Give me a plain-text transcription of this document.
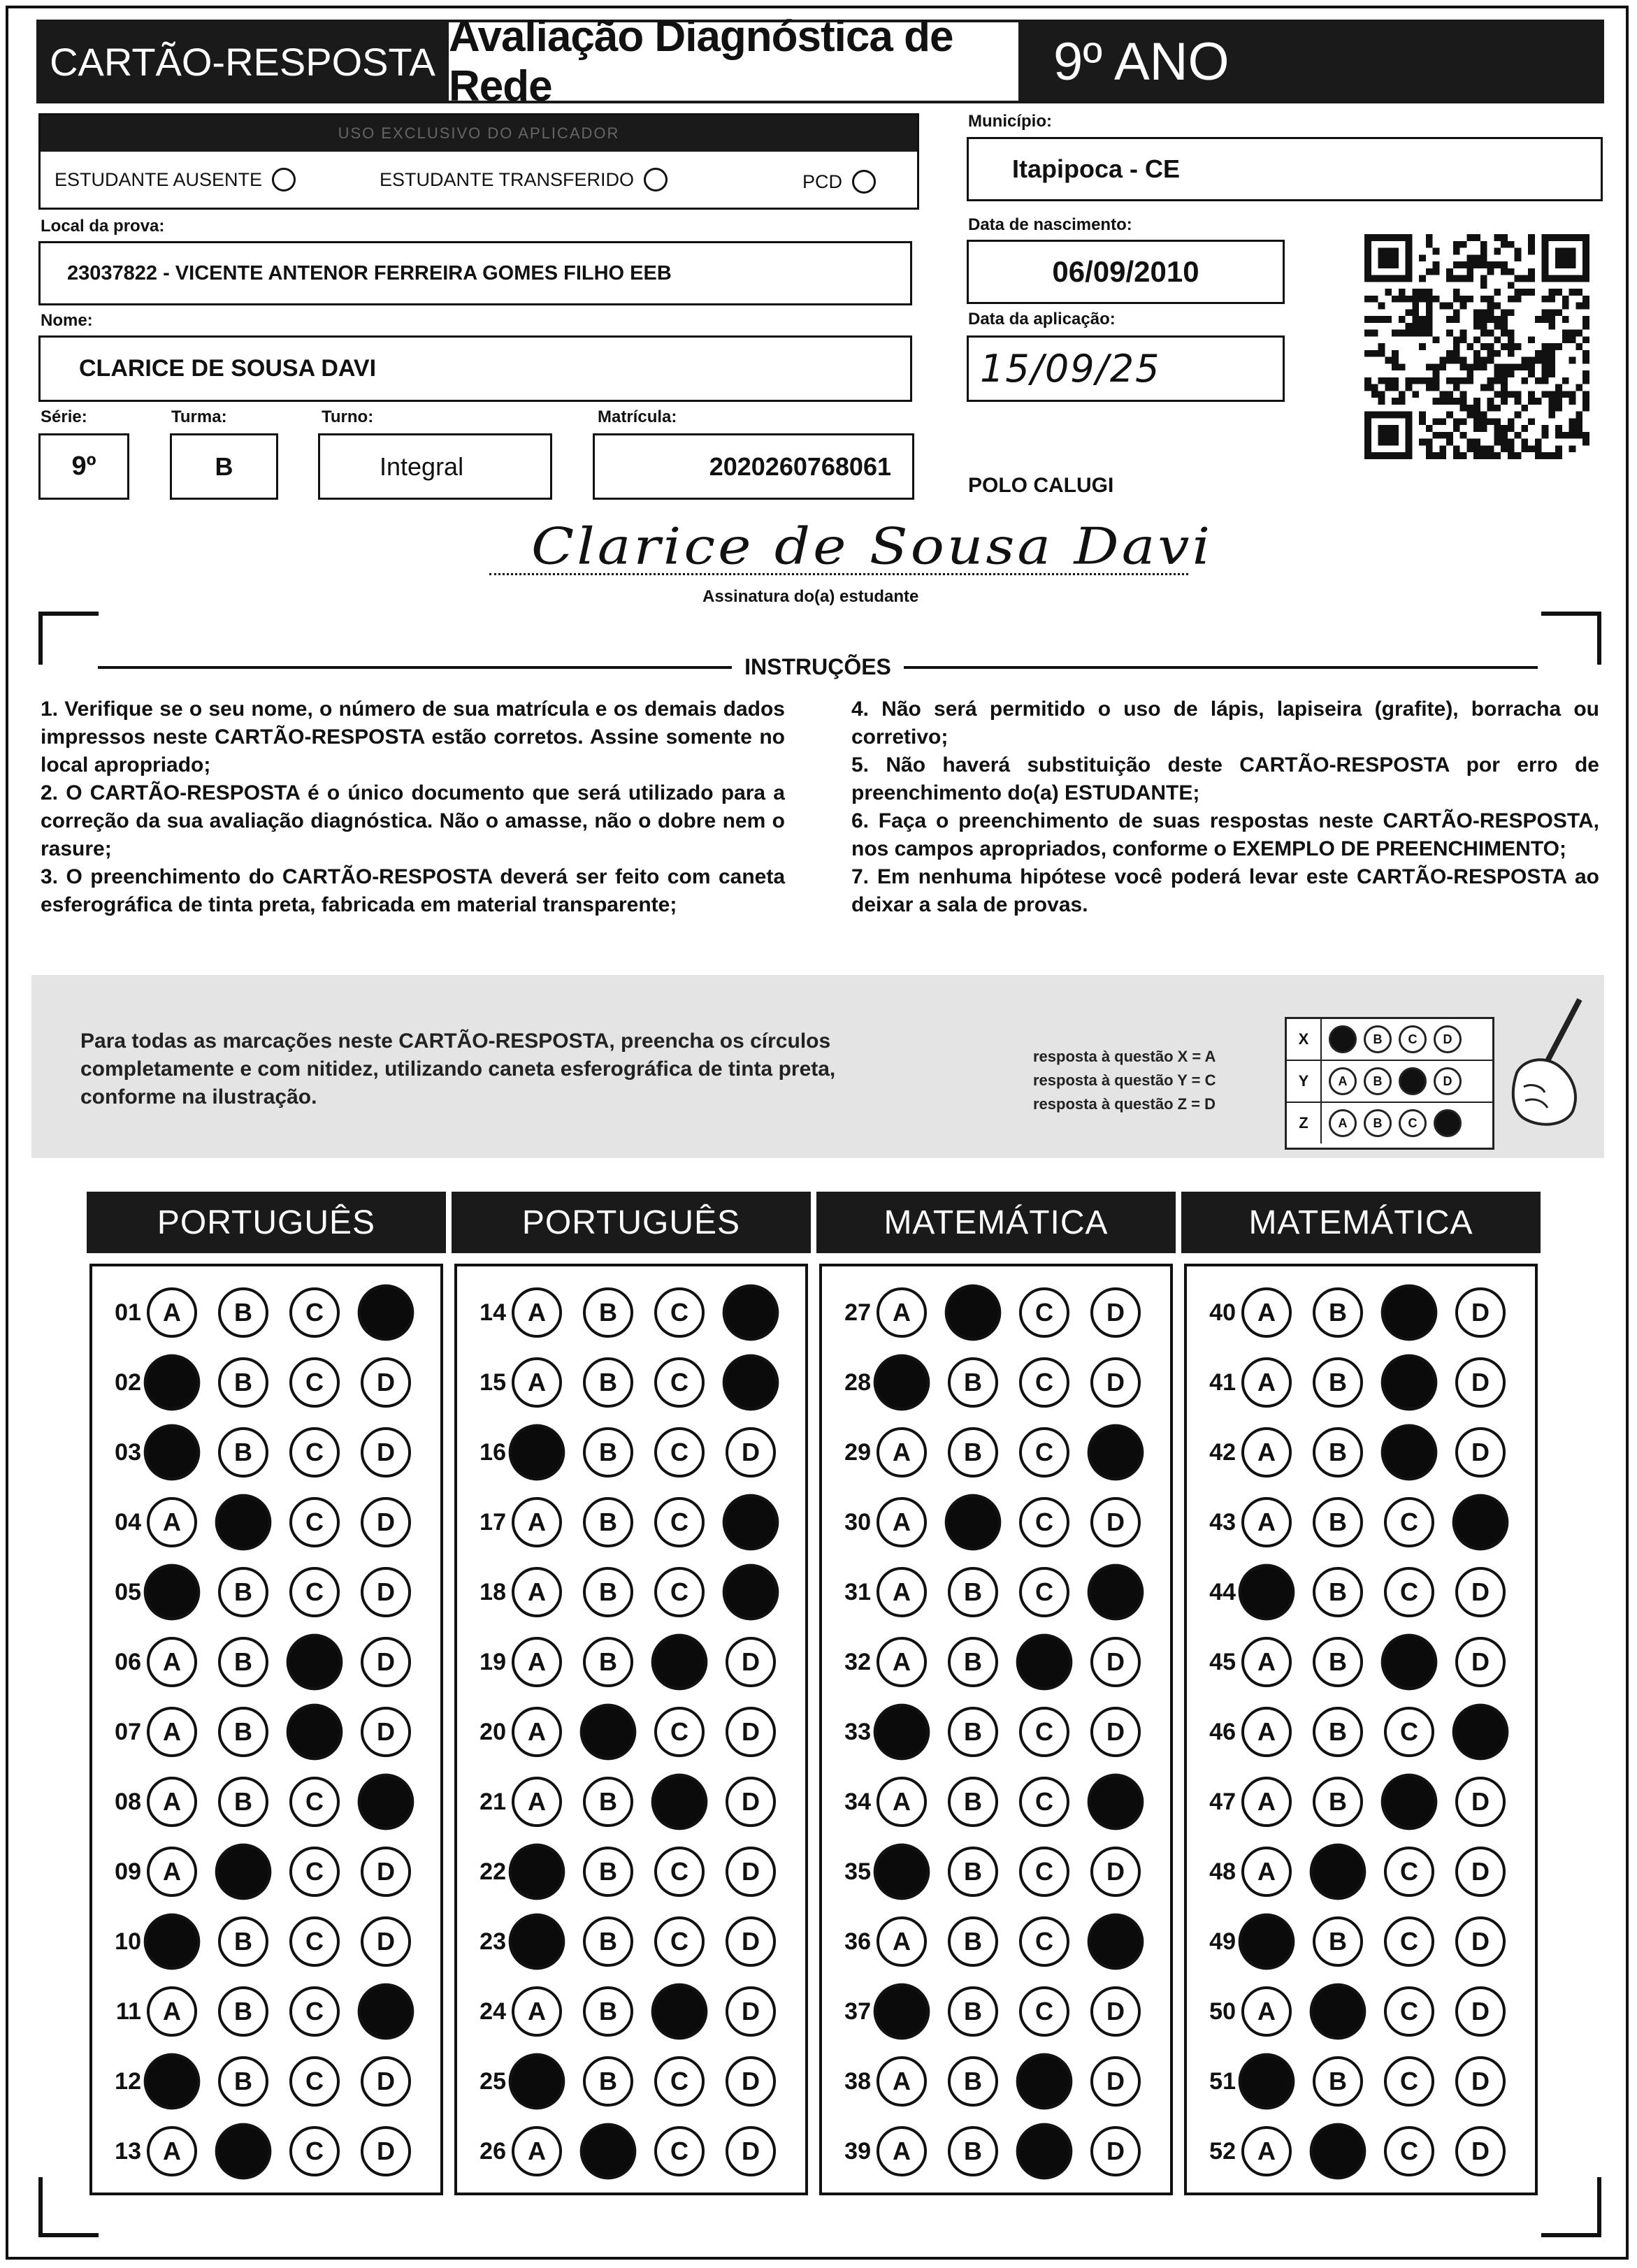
CARTÃO-RESPOSTA
Avaliação Diagnóstica de Rede	9º ANO
USO EXCLUSIVO DO APLICADOR
ESTUDANTE AUSENTE	ESTUDANTE TRANSFERIDO	PCD
Município:
Itapipoca - CE
Local da prova:
23037822 - VICENTE ANTENOR FERREIRA GOMES FILHO EEB
Data de nascimento:
06/09/2010
Nome:
CLARICE DE SOUSA DAVI
Data da aplicação:
15/09/25
Série:
9º
Turma:
B
Turno:
Integral
Matrícula:
2020260768061
POLO CALUGI
Clarice de Sousa Davi
Assinatura do(a) estudante
INSTRUÇÕES

1. Verifique se o seu nome, o número de sua matrícula e os demais dados impressos neste CARTÃO-RESPOSTA estão corretos. Assine somente no local apropriado;

2. O CARTÃO-RESPOSTA é o único documento que será utilizado para a correção da sua avaliação diagnóstica. Não o amasse, não o dobre nem o rasure;

3. O preenchimento do CARTÃO-RESPOSTA deverá ser feito com caneta esferográfica de tinta preta, fabricada em material transparente;

4. Não será permitido o uso de lápis, lapiseira (grafite), borracha ou corretivo;

5. Não haverá substituição deste CARTÃO-RESPOSTA por erro de preenchimento do(a) ESTUDANTE;

6. Faça o preenchimento de suas respostas neste CARTÃO-RESPOSTA, nos campos apropriados, conforme o EXEMPLO DE PREENCHIMENTO;

7. Em nenhuma hipótese você poderá levar este CARTÃO-RESPOSTA ao deixar a sala de provas.

Para todas as marcações neste CARTÃO-RESPOSTA, preencha os círculos completamente e com nitidez, utilizando caneta esferográfica de tinta preta, conforme na ilustração.
resposta à questão X = A
resposta à questão Y = C
resposta à questão Z = D
X	A	B	C	D
Y	A	B	C	D
Z	A	B	C	D
PORTUGUÊS
01 A	B	C	D
02 A	B	C	D
03 A	B	C	D
04 A	B	C	D
05 A	B	C	D
06 A	B	C	D
07 A	B	C	D
08 A	B	C	D
09 A	B	C	D
10 A	B	C	D
11 A	B	C	D
12 A	B	C	D
13 A	B	C	D
PORTUGUÊS
14 A	B	C	D
15 A	B	C	D
16 A	B	C	D
17 A	B	C	D
18 A	B	C	D
19 A	B	C	D
20 A	B	C	D
21 A	B	C	D
22 A	B	C	D
23 A	B	C	D
24 A	B	C	D
25 A	B	C	D
26 A	B	C	D
MATEMÁTICA
27 A	B	C	D
28 A	B	C	D
29 A	B	C	D
30 A	B	C	D
31 A	B	C	D
32 A	B	C	D
33 A	B	C	D
34 A	B	C	D
35 A	B	C	D
36 A	B	C	D
37 A	B	C	D
38 A	B	C	D
39 A	B	C	D
MATEMÁTICA
40 A	B	C	D
41 A	B	C	D
42 A	B	C	D
43 A	B	C	D
44 A	B	C	D
45 A	B	C	D
46 A	B	C	D
47 A	B	C	D
48 A	B	C	D
49 A	B	C	D
50 A	B	C	D
51 A	B	C	D
52 A	B	C	D
